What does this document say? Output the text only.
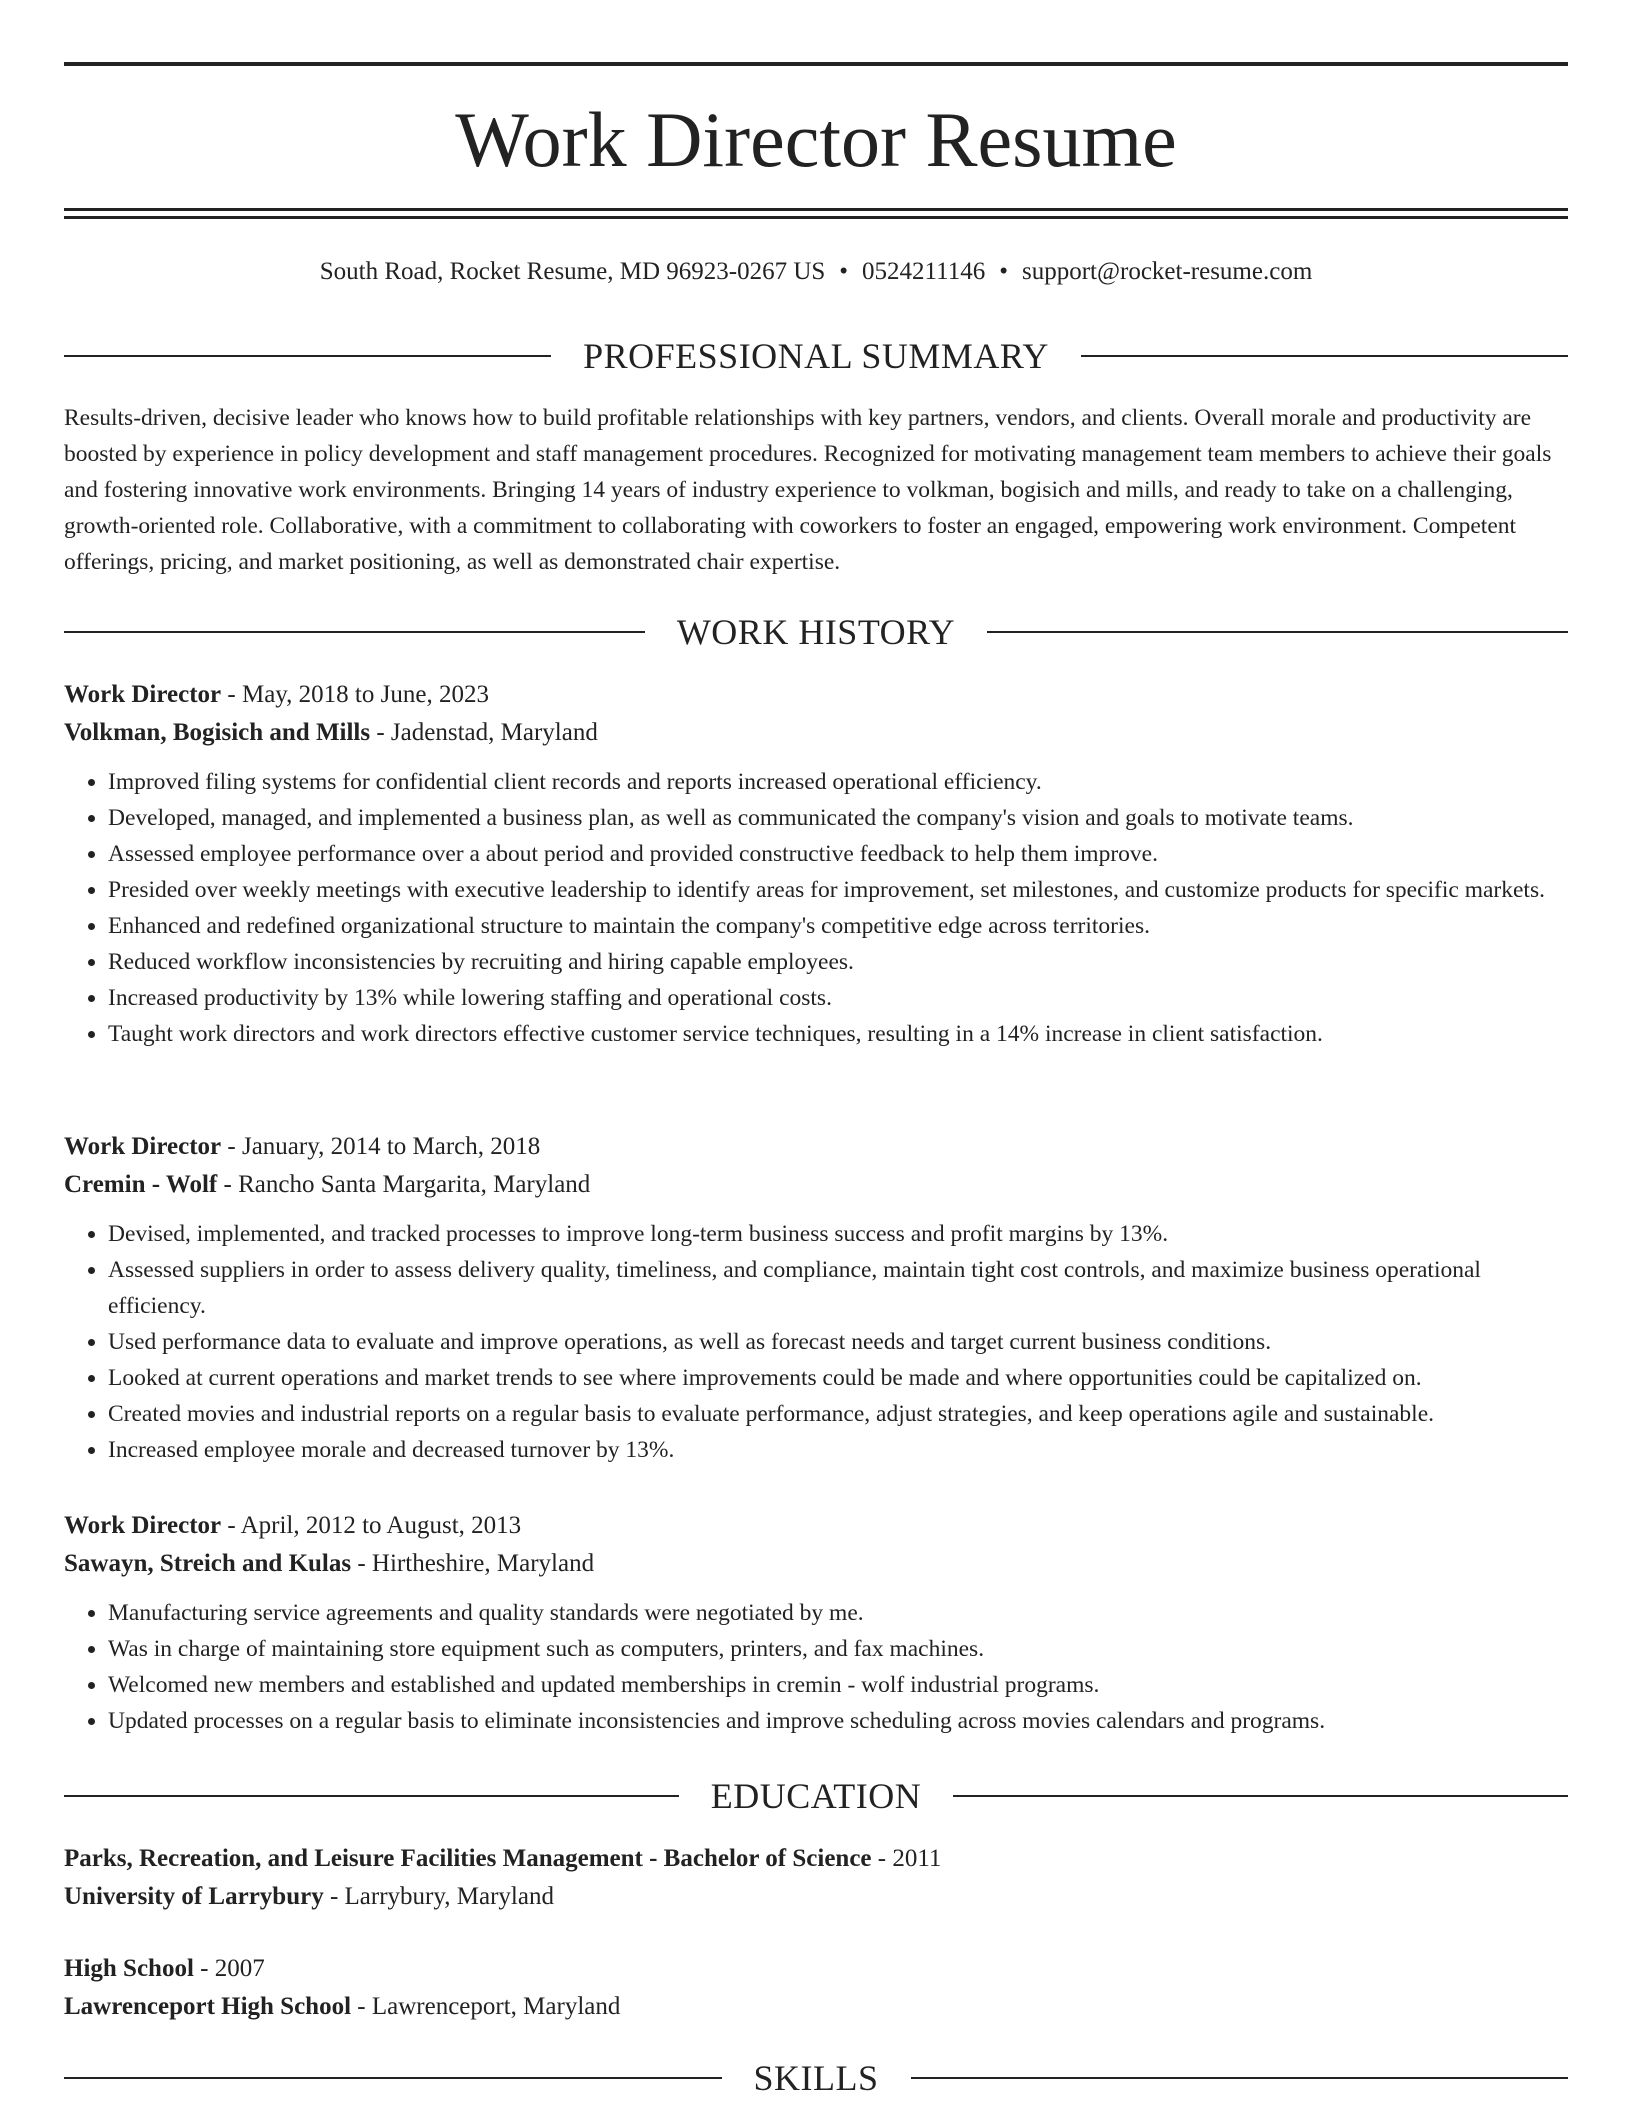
Work Director Resume
South Road, Rocket Resume, MD 96923-0267 US • 0524211146 • support@rocket-resume.com
PROFESSIONAL SUMMARY

Results-driven, decisive leader who knows how to build profitable relationships with key partners, vendors, and clients. Overall morale and productivity are boosted by experience in policy development and staff management procedures. Recognized for motivating management team members to achieve their goals and fostering innovative work environments. Bringing 14 years of industry experience to volkman, bogisich and mills, and ready to take on a challenging, growth-oriented role. Collaborative, with a commitment to collaborating with coworkers to foster an engaged, empowering work environment. Competent offerings, pricing, and market positioning, as well as demonstrated chair expertise.

WORK HISTORY

Work Director - May, 2018 to June, 2023

Volkman, Bogisich and Mills - Jadenstad, Maryland

• Improved filing systems for confidential client records and reports increased operational efficiency.
• Developed, managed, and implemented a business plan, as well as communicated the company's vision and goals to motivate teams.
• Assessed employee performance over a about period and provided constructive feedback to help them improve.
• Presided over weekly meetings with executive leadership to identify areas for improvement, set milestones, and customize products for specific markets.
• Enhanced and redefined organizational structure to maintain the company's competitive edge across territories.
• Reduced workflow inconsistencies by recruiting and hiring capable employees.
• Increased productivity by 13% while lowering staffing and operational costs.
• Taught work directors and work directors effective customer service techniques, resulting in a 14% increase in client satisfaction.

Work Director - January, 2014 to March, 2018

Cremin - Wolf - Rancho Santa Margarita, Maryland

• Devised, implemented, and tracked processes to improve long-term business success and profit margins by 13%.
• Assessed suppliers in order to assess delivery quality, timeliness, and compliance, maintain tight cost controls, and maximize business operational efficiency.
• Used performance data to evaluate and improve operations, as well as forecast needs and target current business conditions.
• Looked at current operations and market trends to see where improvements could be made and where opportunities could be capitalized on.
• Created movies and industrial reports on a regular basis to evaluate performance, adjust strategies, and keep operations agile and sustainable.
• Increased employee morale and decreased turnover by 13%.

Work Director - April, 2012 to August, 2013

Sawayn, Streich and Kulas - Hirtheshire, Maryland

• Manufacturing service agreements and quality standards were negotiated by me.
• Was in charge of maintaining store equipment such as computers, printers, and fax machines.
• Welcomed new members and established and updated memberships in cremin - wolf industrial programs.
• Updated processes on a regular basis to eliminate inconsistencies and improve scheduling across movies calendars and programs.
EDUCATION

Parks, Recreation, and Leisure Facilities Management - Bachelor of Science - 2011

University of Larrybury - Larrybury, Maryland

High School - 2007

Lawrenceport High School - Lawrenceport, Maryland

SKILLS
